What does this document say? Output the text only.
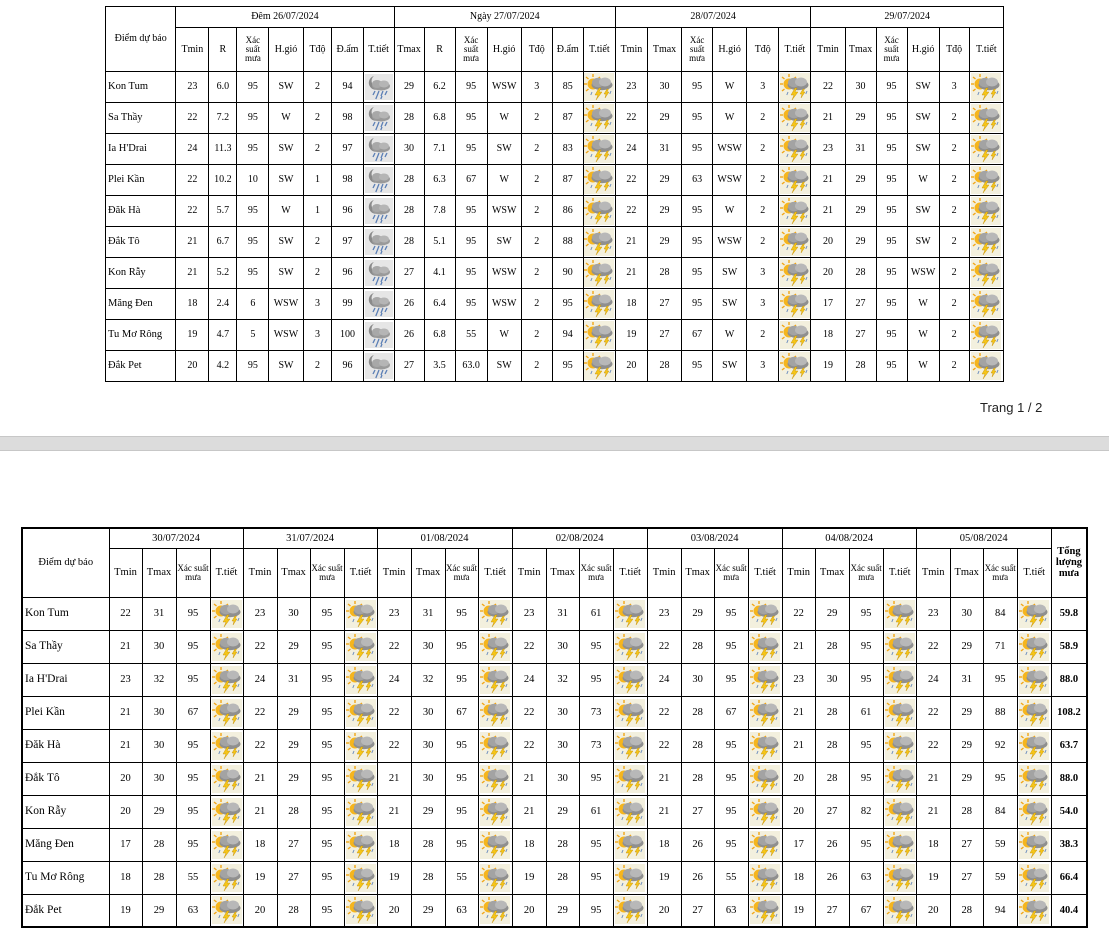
Điểm dự báo	Đêm 26/07/2024							Ngày 27/07/2024							28/07/2024						29/07/2024					
	Tmin	R	Xác suất mưa	H.gió	Tđộ	Đ.ẩm	T.tiết	Tmax	R	Xác suất mưa	H.gió	Tđộ	Đ.ẩm	T.tiết	Tmin	Tmax	Xác suất mưa	H.gió	Tđộ	T.tiết	Tmin	Tmax	Xác suất mưa	H.gió	Tđộ	T.tiết
Kon Tum	23	6.0	95	SW	2	94		29	6.2	95	WSW	3	85		23	30	95	W	3		22	30	95	SW	3	

Sa Thầy	22	7.2	95	W	2	98		28	6.8	95	W	2	87		22	29	95	W	2		21	29	95	SW	2	

Ia H'Drai	24	11.3	95	SW	2	97		30	7.1	95	SW	2	83		24	31	95	WSW	2		23	31	95	SW	2	

Plei Kần	22	10.2	10	SW	1	98		28	6.3	67	W	2	87		22	29	63	WSW	2		21	29	95	W	2	

Đăk Hà	22	5.7	95	W	1	96		28	7.8	95	WSW	2	86		22	29	95	W	2		21	29	95	SW	2	

Đắk Tô	21	6.7	95	SW	2	97		28	5.1	95	SW	2	88		21	29	95	WSW	2		20	29	95	SW	2	

Kon Rẫy	21	5.2	95	SW	2	96		27	4.1	95	WSW	2	90		21	28	95	SW	3		20	28	95	WSW	2	

Măng Đen	18	2.4	6	WSW	3	99		26	6.4	95	WSW	2	95		18	27	95	SW	3		17	27	95	W	2	

Tu Mơ Rông	19	4.7	5	WSW	3	100		26	6.8	55	W	2	94		19	27	67	W	2		18	27	95	W	2	

Đắk Pet	20	4.2	95	SW	2	96		27	3.5	63.0	SW	2	95		20	28	95	SW	3		19	28	95	W	2	
Trang 1 / 2
Điểm dự báo	30/07/2024				31/07/2024				01/08/2024				02/08/2024				03/08/2024				04/08/2024				05/08/2024				Tổng lượng mưa
	Tmin	Tmax	Xác suất mưa	T.tiết	Tmin	Tmax	Xác suất mưa	T.tiết	Tmin	Tmax	Xác suất mưa	T.tiết	Tmin	Tmax	Xác suất mưa	T.tiết	Tmin	Tmax	Xác suất mưa	T.tiết	Tmin	Tmax	Xác suất mưa	T.tiết	Tmin	Tmax	Xác suất mưa	T.tiết	
Kon Tum	22	31	95		23	30	95		23	31	95		23	31	61		23	29	95		22	29	95		23	30	84		59.8
Sa Thầy	21	30	95		22	29	95		22	30	95		22	30	95		22	28	95		21	28	95		22	29	71		58.9
Ia H'Drai	23	32	95		24	31	95		24	32	95		24	32	95		24	30	95		23	30	95		24	31	95		88.0
Plei Kần	21	30	67		22	29	95		22	30	67		22	30	73		22	28	67		21	28	61		22	29	88		108.2
Đăk Hà	21	30	95		22	29	95		22	30	95		22	30	73		22	28	95		21	28	95		22	29	92		63.7
Đắk Tô	20	30	95		21	29	95		21	30	95		21	30	95		21	28	95		20	28	95		21	29	95		88.0
Kon Rẫy	20	29	95		21	28	95		21	29	95		21	29	61		21	27	95		20	27	82		21	28	84		54.0
Măng Đen	17	28	95		18	27	95		18	28	95		18	28	95		18	26	95		17	26	95		18	27	59		38.3
Tu Mơ Rông	18	28	55		19	27	95		19	28	55		19	28	95		19	26	55		18	26	63		19	27	59		66.4
Đắk Pet	19	29	63		20	28	95		20	29	63		20	29	95		20	27	63		19	27	67		20	28	94		40.4
